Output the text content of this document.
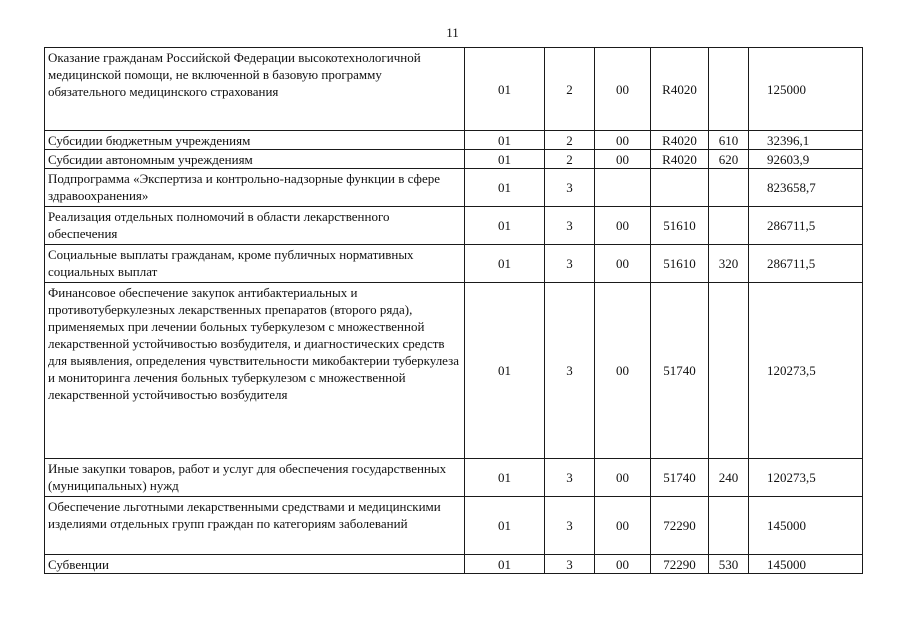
11
Оказание гражданам Российской Федерации высокотехнологичной медицинской помощи, не включенной в базовую программу обязательного медицинского страхования	01	2	00	R4020		125000
Субсидии бюджетным учреждениям	01	2	00	R4020	610	32396,1
Субсидии автономным учреждениям	01	2	00	R4020	620	92603,9
Подпрограмма «Экспертиза и контрольно-надзорные функции в сфере здравоохранения»	01	3				823658,7
Реализация отдельных полномочий в области лекарственного обеспечения	01	3	00	51610		286711,5
Социальные выплаты гражданам, кроме публичных нормативных социальных выплат	01	3	00	51610	320	286711,5
Финансовое обеспечение закупок антибактериальных и противотуберкулезных лекарственных препаратов (второго ряда), применяемых при лечении больных туберкулезом с множественной лекарственной устойчивостью возбудителя, и диагностических средств для выявления, определения чувствительности микобактерии туберкулеза и мониторинга лечения больных туберкулезом с множественной лекарственной устойчивостью возбудителя	01	3	00	51740		120273,5
Иные закупки товаров, работ и услуг для обеспечения государственных (муниципальных) нужд	01	3	00	51740	240	120273,5
Обеспечение льготными лекарственными средствами и медицинскими изделиями отдельных групп граждан по категориям заболеваний	01	3	00	72290		145000
Субвенции	01	3	00	72290	530	145000
